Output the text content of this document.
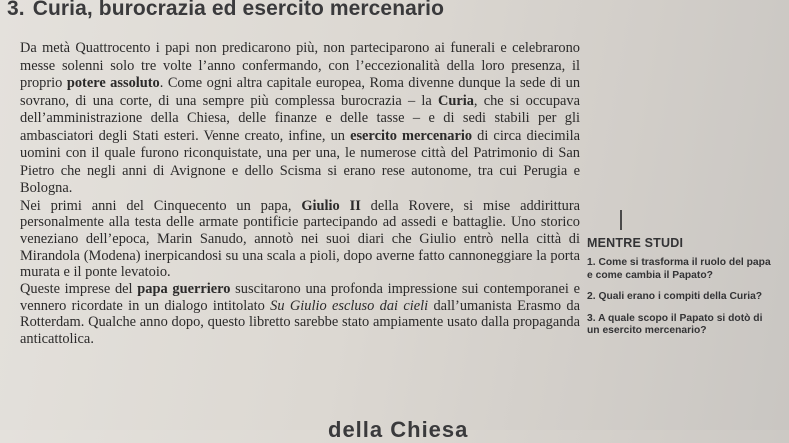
3. Curia, burocrazia ed esercito mercenario

Da metà Quattrocento i papi non predicarono più, non parteciparono ai funerali e celebrarono messe solenni solo tre volte l’anno confermando, con l’eccezionalità della loro presenza, il proprio potere assoluto. Come ogni altra capitale europea, Roma divenne dunque la sede di un sovrano, di una corte, di una sempre più complessa burocrazia – la Curia, che si occupava dell’amministrazione della Chiesa, delle finanze e delle tasse – e di sedi stabili per gli ambasciatori degli Stati esteri. Venne creato, infine, un esercito mercenario di circa diecimila uomini con il quale furono riconquistate, una per una, le numerose città del Patrimonio di San Pietro che negli anni di Avignone e dello Scisma si erano rese autonome, tra cui Perugia e Bologna.

Nei primi anni del Cinquecento un papa, Giulio II della Rovere, si mise addirittura personalmente alla testa delle armate pontificie partecipando ad assedi e battaglie. Uno storico veneziano dell’epoca, Marin Sanudo, annotò nei suoi diari che Giulio entrò nella città di Mirandola (Modena) inerpicandosi su una scala a pioli, dopo averne fatto cannoneggiare la porta murata e il ponte levatoio.

Queste imprese del papa guerriero suscitarono una profonda impressione sui contemporanei e vennero ricordate in un dialogo intitolato Su Giulio escluso dai cieli dall’umanista Erasmo da Rotterdam. Qualche anno dopo, questo libretto sarebbe stato ampiamente usato dalla propaganda anticattolica.

MENTRE STUDI
1. Come si trasforma il ruolo del papa e come cambia il Papato?
2. Quali erano i compiti della Curia?
3. A quale scopo il Papato si dotò di un esercito mercenario?
della Chiesa
